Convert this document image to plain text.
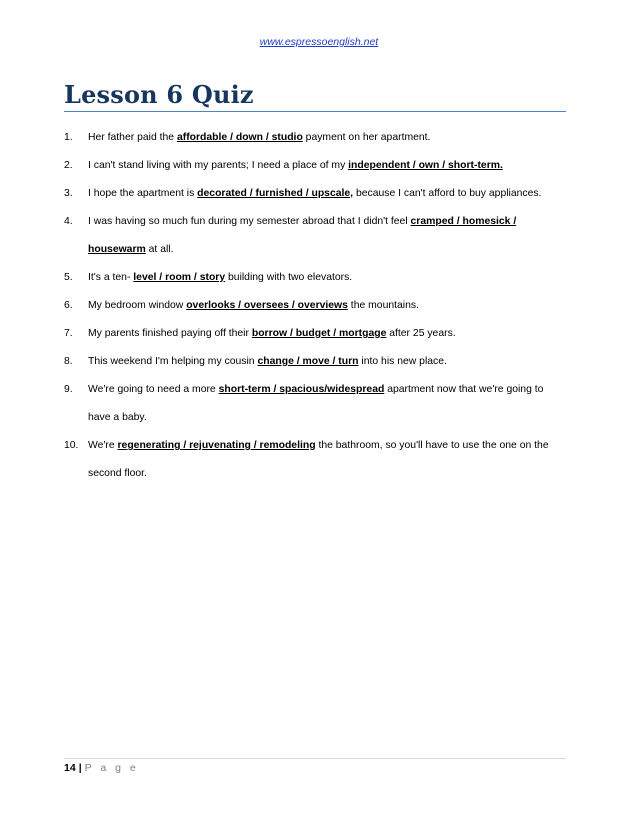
www.espressoenglish.net
Lesson 6 Quiz
1. Her father paid the affordable / down / studio payment on her apartment.
2. I can't stand living with my parents; I need a place of my independent / own / short-term.
3. I hope the apartment is decorated / furnished / upscale, because I can't afford to buy appliances.
4. I was having so much fun during my semester abroad that I didn't feel cramped / homesick /
housewarm at all.
5. It's a ten- level / room / story building with two elevators.
6. My bedroom window overlooks / oversees / overviews the mountains.
7. My parents finished paying off their borrow / budget / mortgage after 25 years.
8. This weekend I'm helping my cousin change / move / turn into his new place.
9. We're going to need a more short-term / spacious/widespread apartment now that we're going to
have a baby.
10. We're regenerating / rejuvenating / remodeling the bathroom, so you'll have to use the one on the
second floor.
14 | P a g e
